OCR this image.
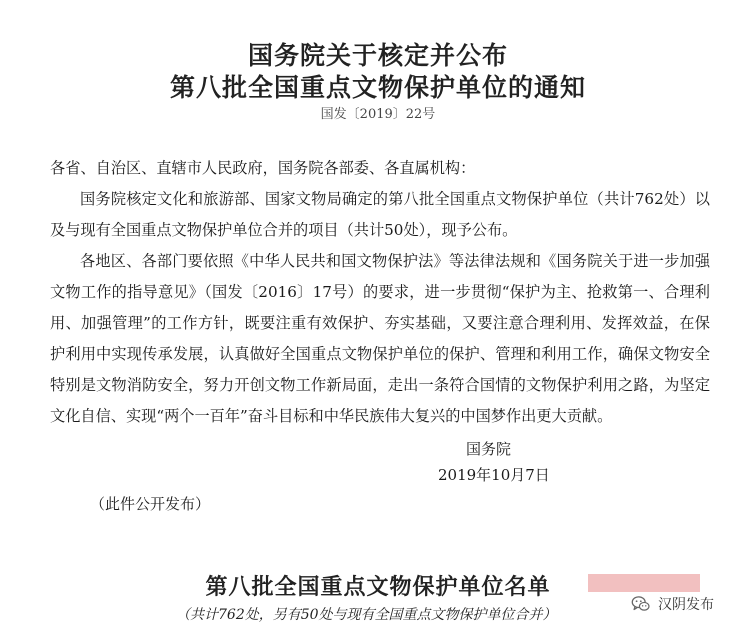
国务院关于核定并公布
第八批全国重点文物保护单位的通知
国发〔2019〕22号

各省、自治区、直辖市人民政府，国务院各部委、各直属机构：

国务院核定文化和旅游部、国家文物局确定的第八批全国重点文物保护单位（共计762处）以及与现有全国重点文物保护单位合并的项目（共计50处），现予公布。

各地区、各部门要依照《中华人民共和国文物保护法》等法律法规和《国务院关于进一步加强文物工作的指导意见》（国发〔2016〕17号）的要求，进一步贯彻“保护为主、抢救第一、合理利用、加强管理”的工作方针，既要注重有效保护、夯实基础，又要注意合理利用、发挥效益，在保护利用中实现传承发展，认真做好全国重点文物保护单位的保护、管理和利用工作，确保文物安全特别是文物消防安全，努力开创文物工作新局面，走出一条符合国情的文物保护利用之路，为坚定文化自信、实现“两个一百年”奋斗目标和中华民族伟大复兴的中国梦作出更大贡献。

国务院
2019年10月7日
（此件公开发布）
第八批全国重点文物保护单位名单
（共计762处，另有50处与现有全国重点文物保护单位合并）
汉阴发布
